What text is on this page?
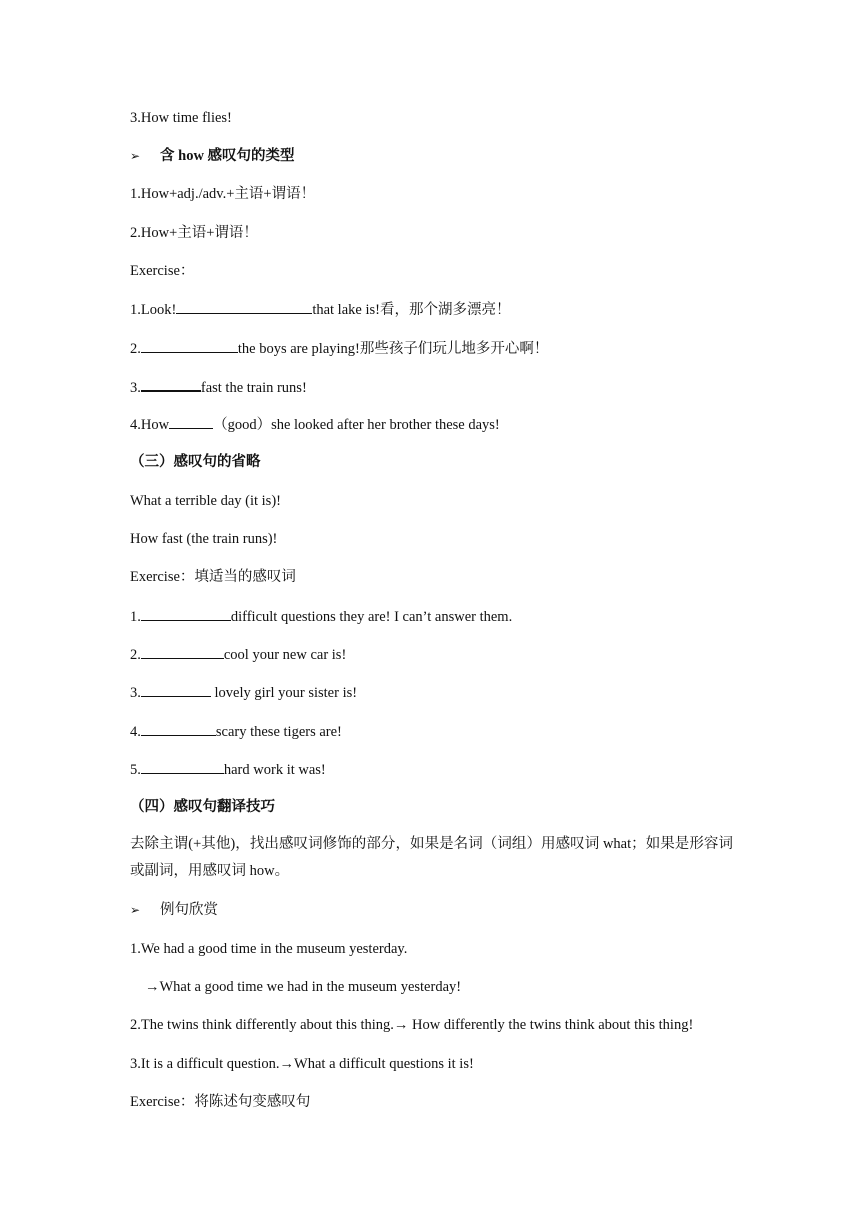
3.How time flies!
➢ 含 how 感叹句的类型
1.How+adj./adv.+主语+谓语！
2.How+主语+谓语！
Exercise：
1.Look!	that lake is!看，那个湖多漂亮！
2.	the boys are playing!那些孩子们玩儿地多开心啊！
3.	fast the train runs!
4.How	（good）she looked after her brother these days!
（三）感叹句的省略
What a terrible day (it is)!
How fast (the train runs)!
Exercise：填适当的感叹词
1.	difficult questions they are! I can’t answer them.
2.	cool your new car is!
3.	lovely girl your sister is!
4.	scary these tigers are!
5.	hard work it was!
（四）感叹句翻译技巧
去除主谓(+其他)，找出感叹词修饰的部分，如果是名词（词组）用感叹词 what；如果是形容词或副词，用感叹词 how。
➢ 例句欣赏
1.We had a good time in the museum yesterday.
→What a good time we had in the museum yesterday!
2.The twins think differently about this thing.→ How differently the twins think about this thing!
3.It is a difficult question.→What a difficult questions it is!
Exercise：将陈述句变感叹句
